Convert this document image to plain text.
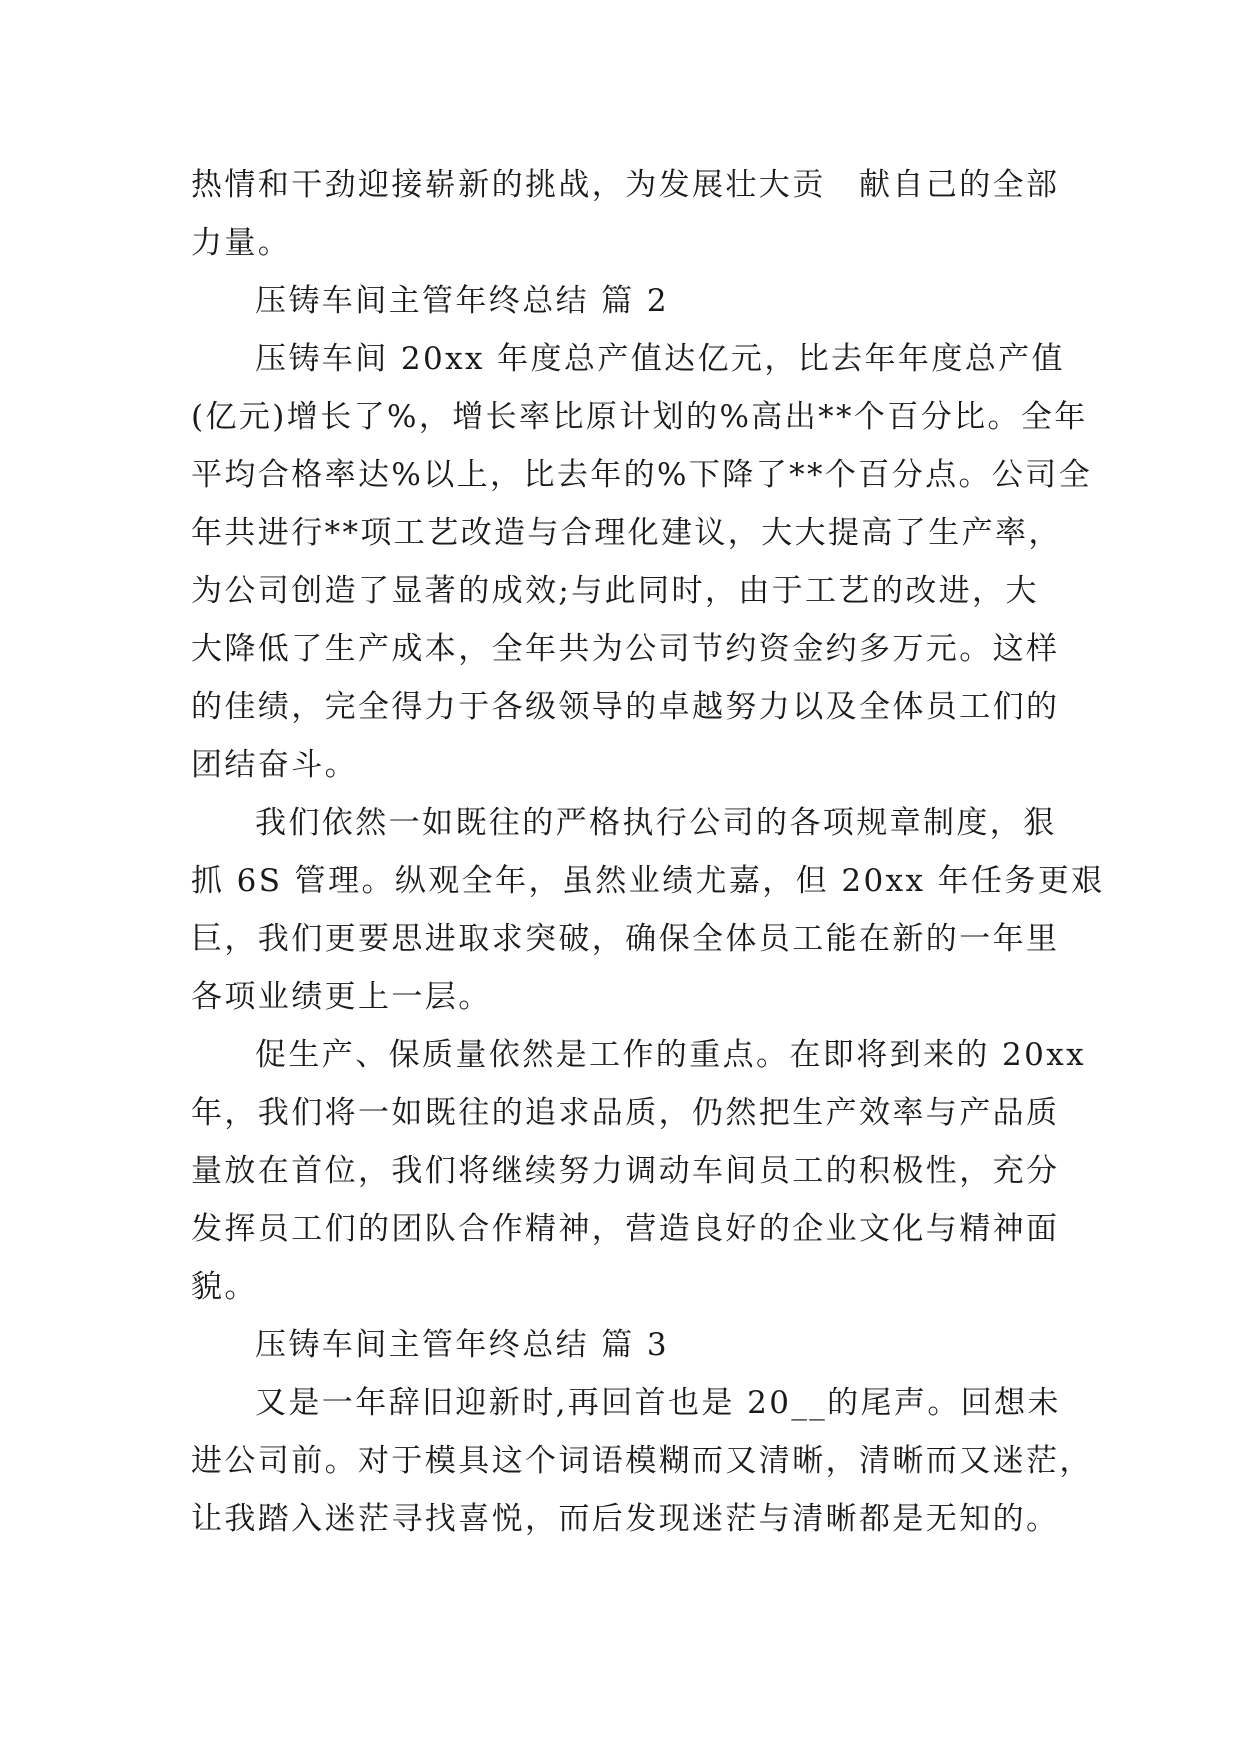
热情和干劲迎接崭新的挑战，为发展壮大贡　献自己的全部

力量。

压铸车间主管年终总结 篇 2

压铸车间 20xx 年度总产值达亿元，比去年年度总产值

(亿元)增长了%，增长率比原计划的%高出**个百分比。全年

平均合格率达%以上，比去年的%下降了**个百分点。公司全

年共进行**项工艺改造与合理化建议，大大提高了生产率，

为公司创造了显著的成效;与此同时，由于工艺的改进，大

大降低了生产成本，全年共为公司节约资金约多万元。这样

的佳绩，完全得力于各级领导的卓越努力以及全体员工们的

团结奋斗。

我们依然一如既往的严格执行公司的各项规章制度，狠

抓 6S 管理。纵观全年，虽然业绩尤嘉，但 20xx 年任务更艰

巨，我们更要思进取求突破，确保全体员工能在新的一年里

各项业绩更上一层。

促生产、保质量依然是工作的重点。在即将到来的 20xx

年，我们将一如既往的追求品质，仍然把生产效率与产品质

量放在首位，我们将继续努力调动车间员工的积极性，充分

发挥员工们的团队合作精神，营造良好的企业文化与精神面

貌。

压铸车间主管年终总结 篇 3

又是一年辞旧迎新时,再回首也是 20__的尾声。回想未

进公司前。对于模具这个词语模糊而又清晰，清晰而又迷茫，

让我踏入迷茫寻找喜悦，而后发现迷茫与清晰都是无知的。
